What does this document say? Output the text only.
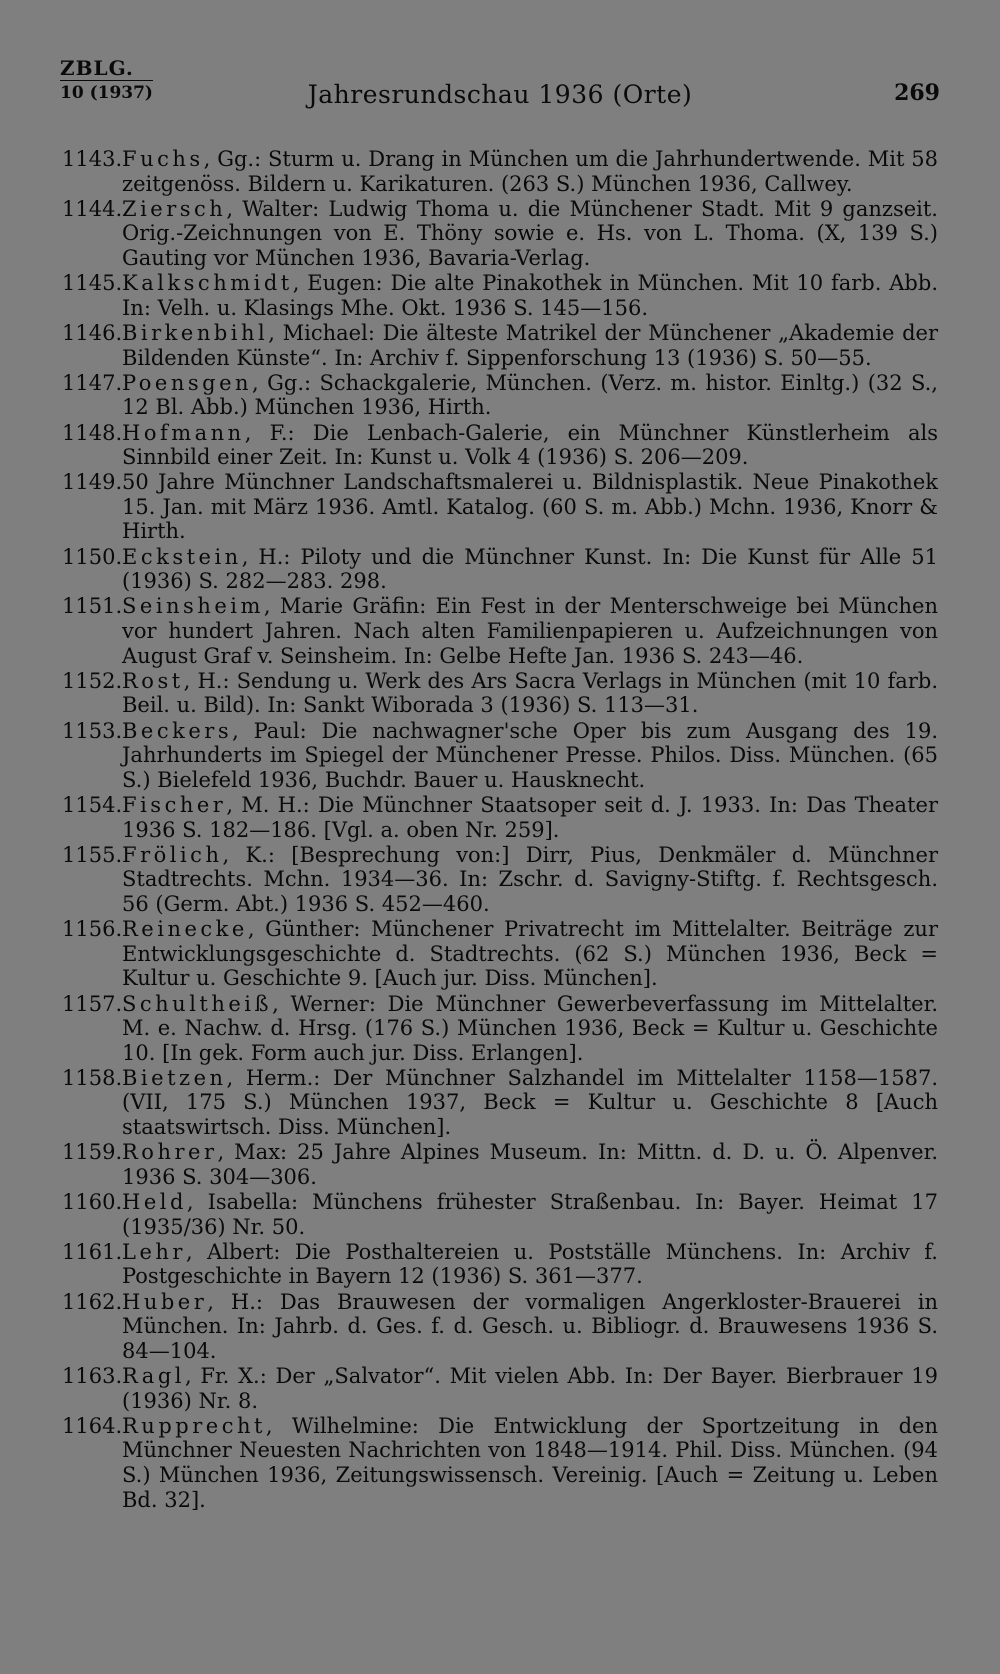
ZBLG.
10 (1937)	Jahresrundschau 1936 (Orte)	269
1143. Fuchs, Gg.: Sturm u. Drang in München um die Jahrhundertwende. Mit 58 zeitgenöss. Bildern u. Karikaturen. (263 S.) München 1936, Callwey.
1144. Ziersch, Walter: Ludwig Thoma u. die Münchener Stadt. Mit 9 ganzseit. Orig.-Zeichnungen von E. Thöny sowie e. Hs. von L. Thoma. (X, 139 S.) Gauting vor München 1936, Bavaria-Verlag.
1145. Kalkschmidt, Eugen: Die alte Pinakothek in München. Mit 10 farb. Abb. In: Velh. u. Klasings Mhe. Okt. 1936 S. 145—156.
1146. Birkenbihl, Michael: Die älteste Matrikel der Münchener „Akademie der Bildenden Künste“. In: Archiv f. Sippenforschung 13 (1936) S. 50—55.
1147. Poensgen, Gg.: Schackgalerie, München. (Verz. m. histor. Einltg.) (32 S., 12 Bl. Abb.) München 1936, Hirth.
1148. Hofmann, F.: Die Lenbach-Galerie, ein Münchner Künstlerheim als Sinnbild einer Zeit. In: Kunst u. Volk 4 (1936) S. 206—209.
1149. 50 Jahre Münchner Landschaftsmalerei u. Bildnisplastik. Neue Pinakothek 15. Jan. mit März 1936. Amtl. Katalog. (60 S. m. Abb.) Mchn. 1936, Knorr & Hirth.
1150. Eckstein, H.: Piloty und die Münchner Kunst. In: Die Kunst für Alle 51 (1936) S. 282—283. 298.
1151. Seinsheim, Marie Gräfin: Ein Fest in der Menterschweige bei München vor hundert Jahren. Nach alten Familienpapieren u. Aufzeichnungen von August Graf v. Seinsheim. In: Gelbe Hefte Jan. 1936 S. 243—46.
1152. Rost, H.: Sendung u. Werk des Ars Sacra Verlags in München (mit 10 farb. Beil. u. Bild). In: Sankt Wiborada 3 (1936) S. 113—31.
1153. Beckers, Paul: Die nachwagner'sche Oper bis zum Ausgang des 19. Jahrhunderts im Spiegel der Münchener Presse. Philos. Diss. München. (65 S.) Bielefeld 1936, Buchdr. Bauer u. Hausknecht.
1154. Fischer, M. H.: Die Münchner Staatsoper seit d. J. 1933. In: Das Theater 1936 S. 182—186. [Vgl. a. oben Nr. 259].
1155. Frölich, K.: [Besprechung von:] Dirr, Pius, Denkmäler d. Münchner Stadtrechts. Mchn. 1934—36. In: Zschr. d. Savigny-Stiftg. f. Rechtsgesch. 56 (Germ. Abt.) 1936 S. 452—460.
1156. Reinecke, Günther: Münchener Privatrecht im Mittelalter. Beiträge zur Entwicklungsgeschichte d. Stadtrechts. (62 S.) München 1936, Beck = Kultur u. Geschichte 9. [Auch jur. Diss. München].
1157. Schultheiß, Werner: Die Münchner Gewerbeverfassung im Mittelalter. M. e. Nachw. d. Hrsg. (176 S.) München 1936, Beck = Kultur u. Geschichte 10. [In gek. Form auch jur. Diss. Erlangen].
1158. Bietzen, Herm.: Der Münchner Salzhandel im Mittelalter 1158—1587. (VII, 175 S.) München 1937, Beck = Kultur u. Geschichte 8 [Auch staatswirtsch. Diss. München].
1159. Rohrer, Max: 25 Jahre Alpines Museum. In: Mittn. d. D. u. Ö. Alpenver. 1936 S. 304—306.
1160. Held, Isabella: Münchens frühester Straßenbau. In: Bayer. Heimat 17 (1935/36) Nr. 50.
1161. Lehr, Albert: Die Posthaltereien u. Postställe Münchens. In: Archiv f. Postgeschichte in Bayern 12 (1936) S. 361—377.
1162. Huber, H.: Das Brauwesen der vormaligen Angerkloster-Brauerei in München. In: Jahrb. d. Ges. f. d. Gesch. u. Bibliogr. d. Brauwesens 1936 S. 84—104.
1163. Ragl, Fr. X.: Der „Salvator“. Mit vielen Abb. In: Der Bayer. Bierbrauer 19 (1936) Nr. 8.
1164. Rupprecht, Wilhelmine: Die Entwicklung der Sportzeitung in den Münchner Neuesten Nachrichten von 1848—1914. Phil. Diss. München. (94 S.) München 1936, Zeitungswissensch. Vereinig. [Auch = Zeitung u. Leben Bd. 32].
